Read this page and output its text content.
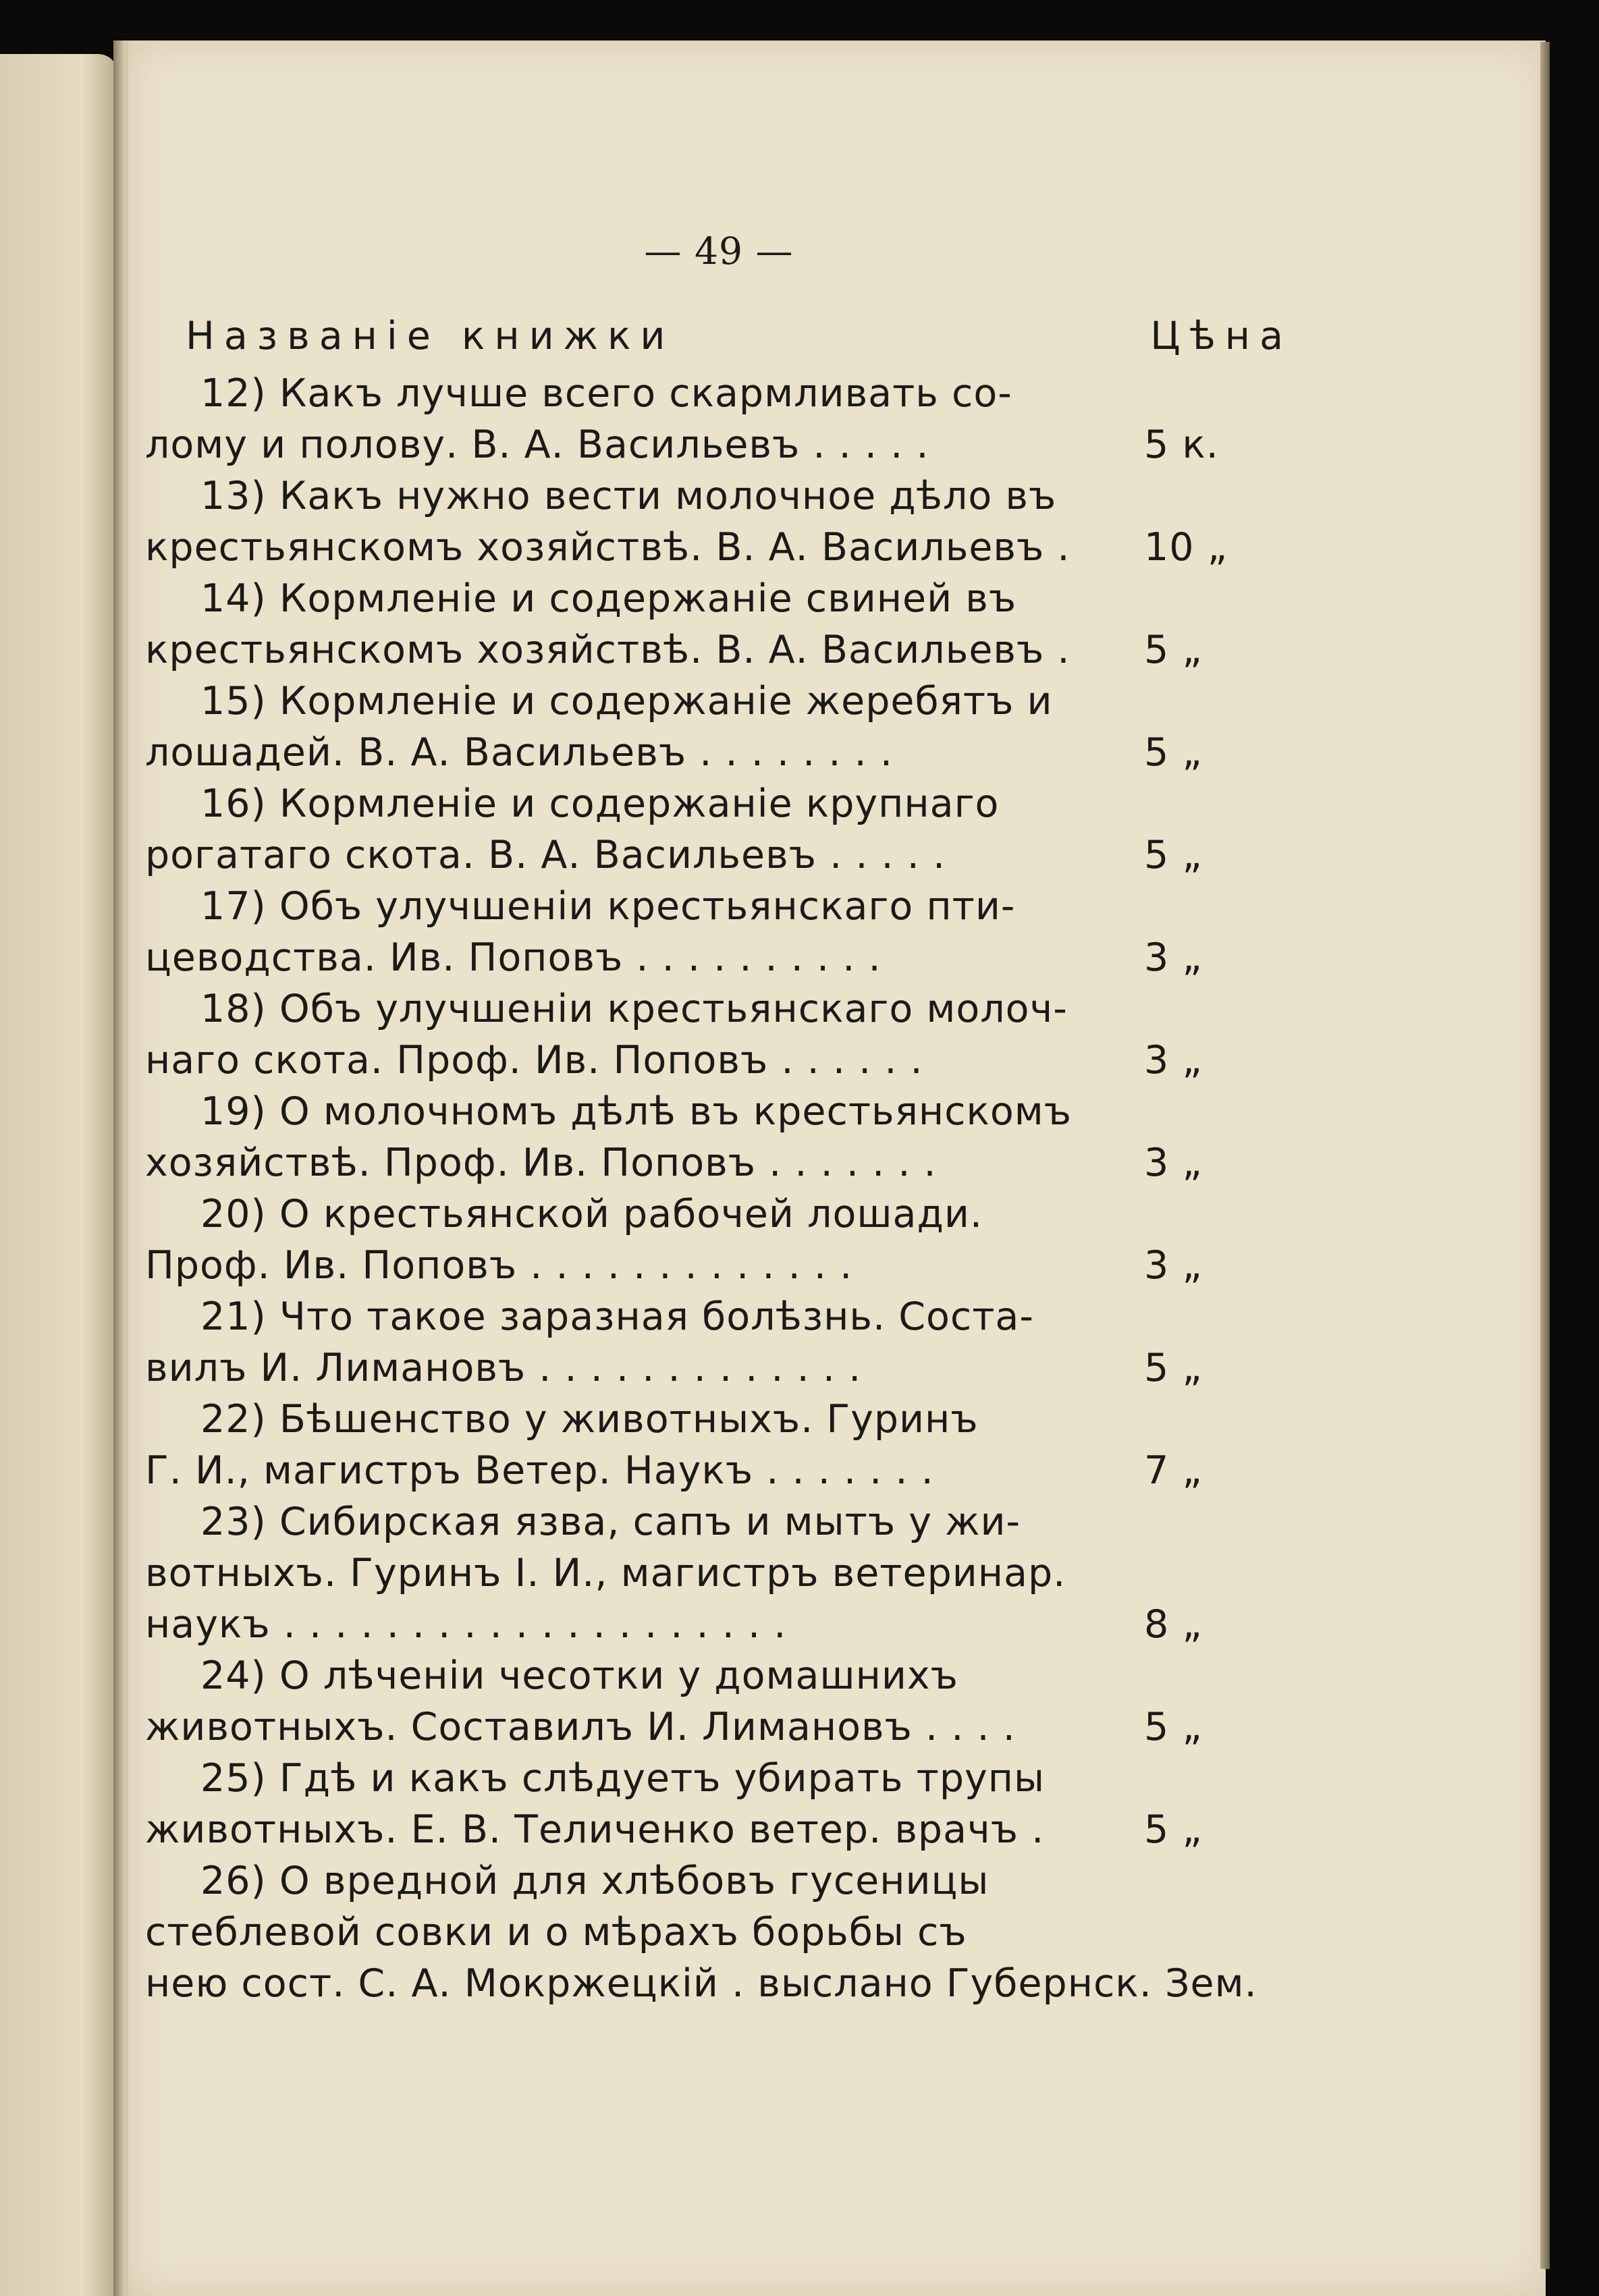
— 49 —
Названіе книжки	Цѣна
12) Какъ лучше всего скармливать со-
лому и полову. В. А. Васильевъ . . . . .	5 к.
13) Какъ нужно вести молочное дѣло въ
крестьянскомъ хозяйствѣ. В. А. Васильевъ . 10 „
14) Кормленіе и содержаніе свиней въ
крестьянскомъ хозяйствѣ. В. А. Васильевъ . 5 „
15) Кормленіе и содержаніе жеребятъ и
лошадей. В. А. Васильевъ . . . . . . . .	5 „
16) Кормленіе и содержаніе крупнаго
рогатаго скота. В. А. Васильевъ . . . . .	5 „
17) Объ улучшеніи крестьянскаго пти-
цеводства. Ив. Поповъ . . . . . . . . . .	3 „
18) Объ улучшеніи крестьянскаго молоч-
наго скота. Проф. Ив. Поповъ . . . . . .	3 „
19) О молочномъ дѣлѣ въ крестьянскомъ
хозяйствѣ. Проф. Ив. Поповъ . . . . . . .	3 „
20) О крестьянской рабочей лошади.
Проф. Ив. Поповъ . . . . . . . . . . . . .	3 „
21) Что такое заразная болѣзнь. Соста-
вилъ И. Лимановъ . . . . . . . . . . . . .	5 „
22) Бѣшенство у животныхъ. Гуринъ
Г. И., магистръ Ветер. Наукъ . . . . . . .	7 „
23) Сибирская язва, сапъ и мытъ у жи-
вотныхъ. Гуринъ І. И., магистръ ветеринар.
наукъ . . . . . . . . . . . . . . . . . . . .	8 „
24) О лѣченіи чесотки у домашнихъ
животныхъ. Составилъ И. Лимановъ . . . .	5 „
25) Гдѣ и какъ слѣдуетъ убирать трупы
животныхъ. Е. В. Теличенко ветер. врачъ .	5 „
26) О вредной для хлѣбовъ гусеницы
стеблевой совки и о мѣрахъ борьбы съ
нею сост. С. А. Мокржецкій . выслано Губернск. Зем.
